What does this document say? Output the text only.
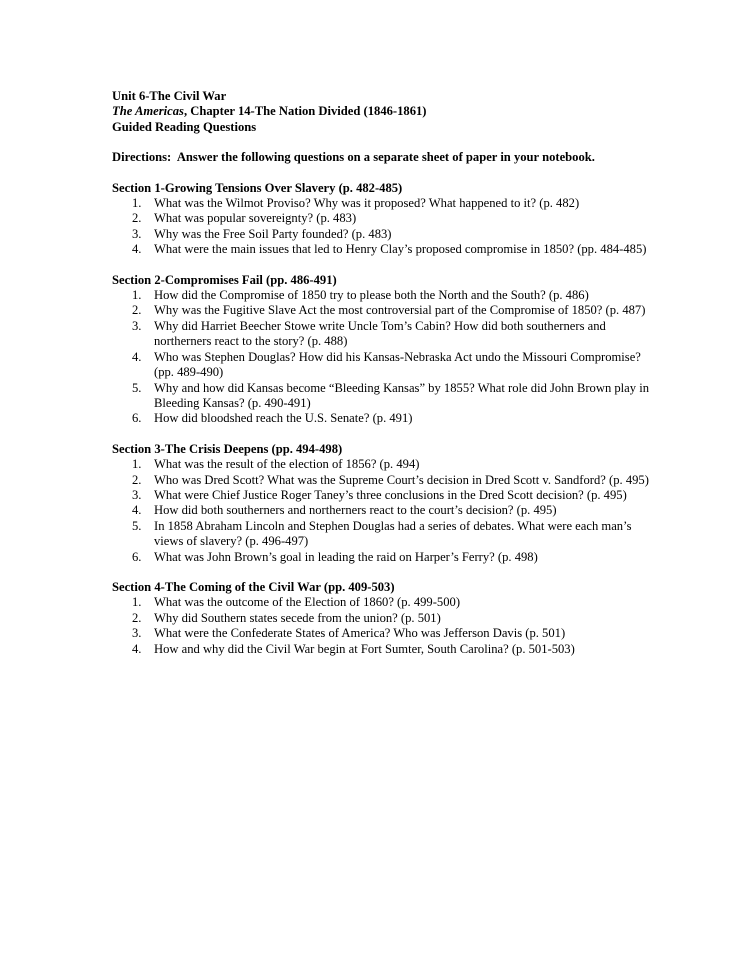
Unit 6-The Civil War

The Americas, Chapter 14-The Nation Divided (1846-1861)

Guided Reading Questions

Directions:  Answer the following questions on a separate sheet of paper in your notebook.

Section 1-Growing Tensions Over Slavery (p. 482-485)

1. What was the Wilmot Proviso? Why was it proposed? What happened to it? (p. 482)
2. What was popular sovereignty? (p. 483)
3. Why was the Free Soil Party founded? (p. 483)
4. What were the main issues that led to Henry Clay’s proposed compromise in 1850? (pp. 484-485)

Section 2-Compromises Fail (pp. 486-491)

1. How did the Compromise of 1850 try to please both the North and the South? (p. 486)
2. Why was the Fugitive Slave Act the most controversial part of the Compromise of 1850? (p. 487)
3. Why did Harriet Beecher Stowe write Uncle Tom’s Cabin? How did both southerners and northerners react to the story? (p. 488)
4. Who was Stephen Douglas? How did his Kansas-Nebraska Act undo the Missouri Compromise? (pp. 489-490)
5. Why and how did Kansas become “Bleeding Kansas” by 1855? What role did John Brown play in Bleeding Kansas? (p. 490-491)
6. How did bloodshed reach the U.S. Senate? (p. 491)

Section 3-The Crisis Deepens (pp. 494-498)

1. What was the result of the election of 1856? (p. 494)
2. Who was Dred Scott? What was the Supreme Court’s decision in Dred Scott v. Sandford? (p. 495)
3. What were Chief Justice Roger Taney’s three conclusions in the Dred Scott decision? (p. 495)
4. How did both southerners and northerners react to the court’s decision? (p. 495)
5. In 1858 Abraham Lincoln and Stephen Douglas had a series of debates. What were each man’s views of slavery? (p. 496-497)
6. What was John Brown’s goal in leading the raid on Harper’s Ferry? (p. 498)

Section 4-The Coming of the Civil War (pp. 409-503)

1. What was the outcome of the Election of 1860? (p. 499-500)
2. Why did Southern states secede from the union? (p. 501)
3. What were the Confederate States of America? Who was Jefferson Davis (p. 501)
4. How and why did the Civil War begin at Fort Sumter, South Carolina? (p. 501-503)
